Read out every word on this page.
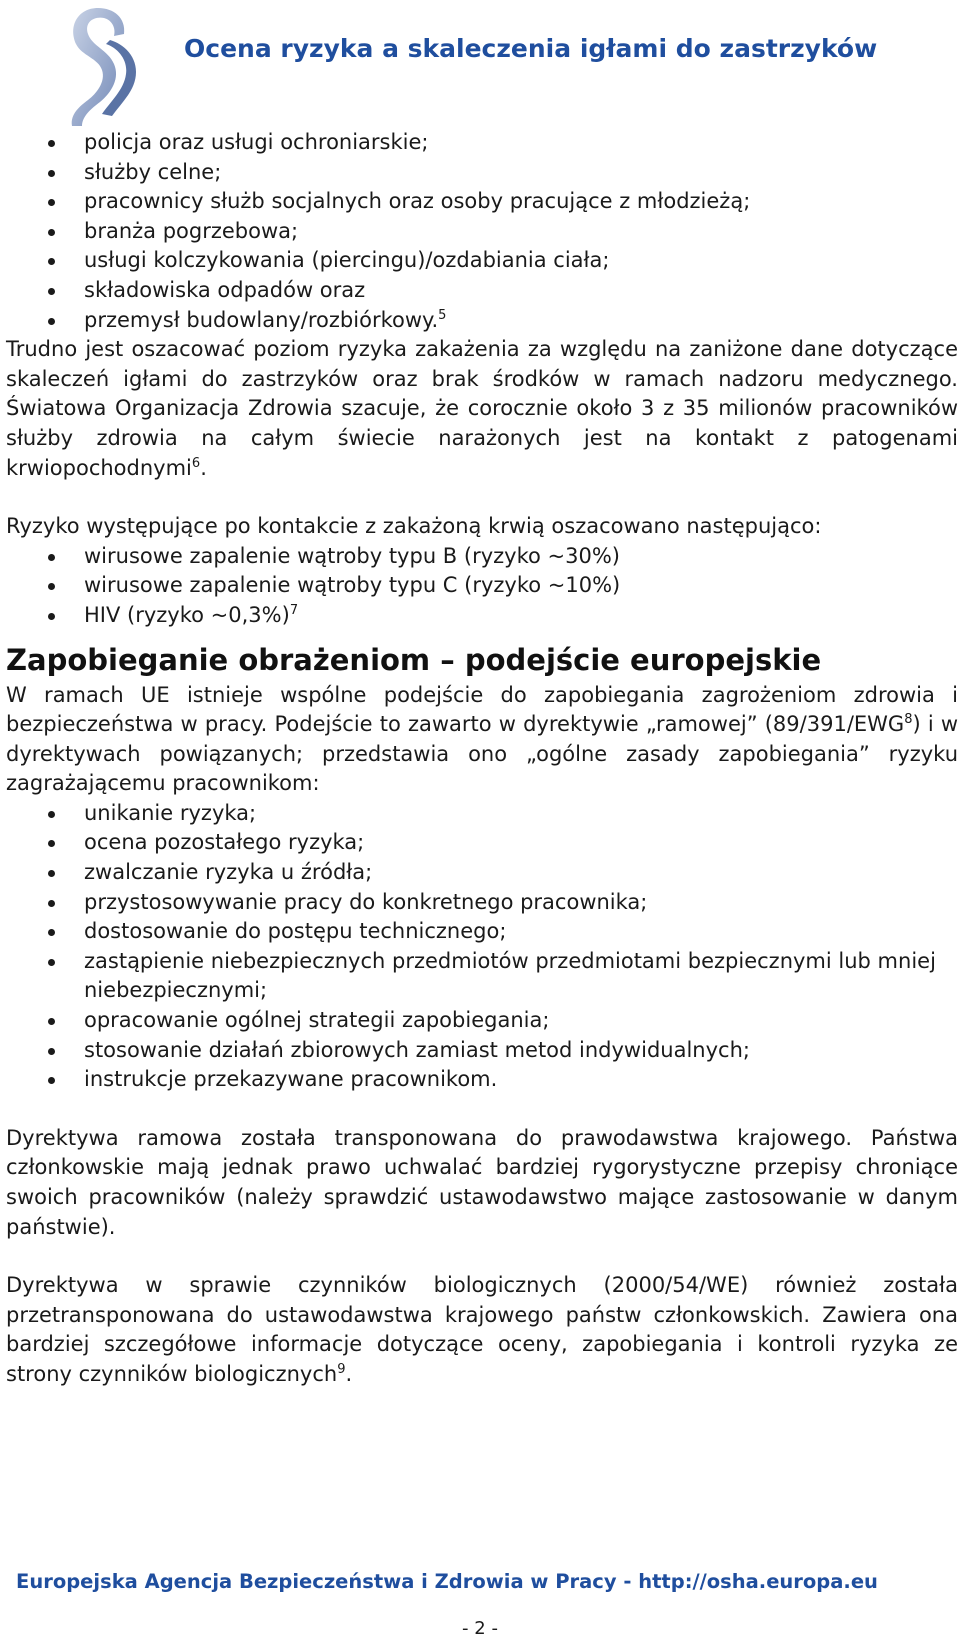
Ocena ryzyka a skaleczenia igłami do zastrzyków
policja oraz usługi ochroniarskie;
służby celne;
pracownicy służb socjalnych oraz osoby pracujące z młodzieżą;
branża pogrzebowa;
usługi kolczykowania (piercingu)/ozdabiania ciała;
składowiska odpadów oraz
przemysł budowlany/rozbiórkowy.$^5$

Trudno jest oszacować poziom ryzyka zakażenia za względu na zaniżone dane dotyczące skaleczeń igłami do zastrzyków oraz brak środków w ramach nadzoru medycznego. Światowa Organizacja Zdrowia szacuje, że corocznie około 3 z 35 milionów pracowników służby zdrowia na całym świecie narażonych jest na kontakt z patogenami krwiopochodnymi$^6$.

Ryzyko występujące po kontakcie z zakażoną krwią oszacowano następująco:

wirusowe zapalenie wątroby typu B (ryzyko ~30%)
wirusowe zapalenie wątroby typu C (ryzyko ~10%)
HIV (ryzyko ~0,3%)$^7$
Zapobieganie obrażeniom – podejście europejskie

W ramach UE istnieje wspólne podejście do zapobiegania zagrożeniom zdrowia i bezpieczeństwa w pracy. Podejście to zawarto w dyrektywie „ramowej” (89/391/EWG$^8$) i w dyrektywach powiązanych; przedstawia ono „ogólne zasady zapobiegania” ryzyku zagrażającemu pracownikom:

unikanie ryzyka;
ocena pozostałego ryzyka;
zwalczanie ryzyka u źródła;
przystosowywanie pracy do konkretnego pracownika;
dostosowanie do postępu technicznego;
zastąpienie niebezpiecznych przedmiotów przedmiotami bezpiecznymi lub mniej niebezpiecznymi;
opracowanie ogólnej strategii zapobiegania;
stosowanie działań zbiorowych zamiast metod indywidualnych;
instrukcje przekazywane pracownikom.

Dyrektywa ramowa została transponowana do prawodawstwa krajowego. Państwa członkowskie mają jednak prawo uchwalać bardziej rygorystyczne przepisy chroniące swoich pracowników (należy sprawdzić ustawodawstwo mające zastosowanie w danym państwie).

Dyrektywa w sprawie czynników biologicznych (2000/54/WE) również została przetransponowana do ustawodawstwa krajowego państw członkowskich. Zawiera ona bardziej szczegółowe informacje dotyczące oceny, zapobiegania i kontroli ryzyka ze strony czynników biologicznych$^9$.

Europejska Agencja Bezpieczeństwa i Zdrowia w Pracy - http://osha.europa.eu
- 2 -
